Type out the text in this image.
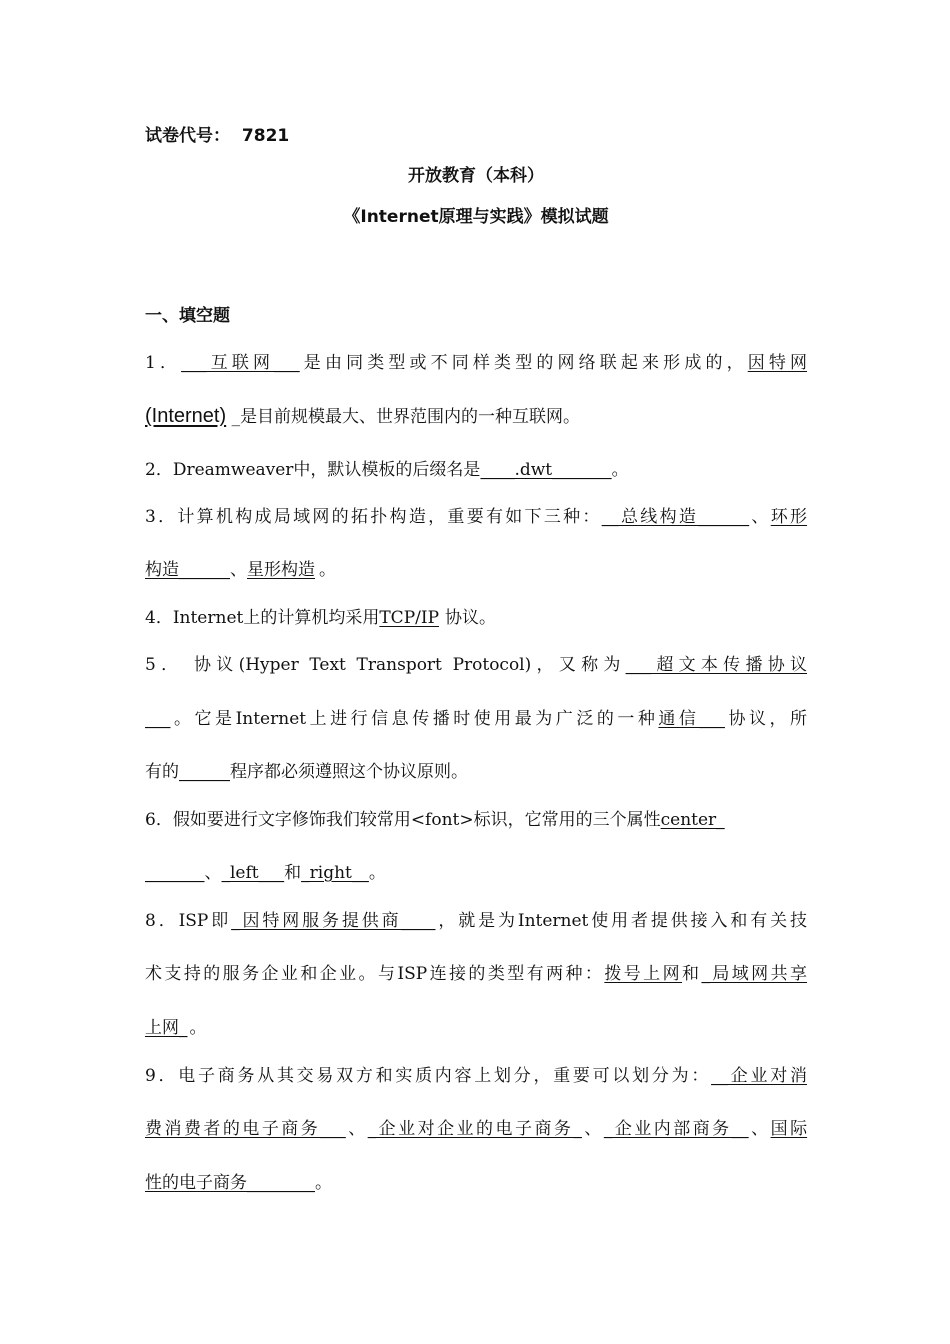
试卷代号： 7821
开放教育（本科）
《Internet原理与实践》模拟试题
一、填空题
1．___互联网___是由同类型或不同样类型的网络联起来形成的，因特网
(Internet) _是目前规模最大、世界范围内的一种互联网。
2．Dreamweaver中，默认模板的后缀名是____.dwt_______。
3．计算机构成局域网的拓扑构造，重要有如下三种：__总线构造______、环形
构造______、星形构造 。
4．Internet上的计算机均采用TCP/IP 协议。
5． 协议(Hyper Text Transport Protocol)，又称为___超文本传播协议
___。它是Internet上进行信息传播时使用最为广泛的一种通信___协议，所
有的______程序都必须遵照这个协议原则。
6．假如要进行文字修饰我们较常用<font>标识，它常用的三个属性center_
_______、_left___和_right__。
8．ISP即_因特网服务提供商____，就是为Internet使用者提供接入和有关技
术支持的服务企业和企业。与ISP连接的类型有两种：拨号上网和_局域网共享
上网_ 。
9．电子商务从其交易双方和实质内容上划分，重要可以划分为：__企业对消
费消费者的电子商务___、_企业对企业的电子商务_、_企业内部商务__、国际
性的电子商务________。
